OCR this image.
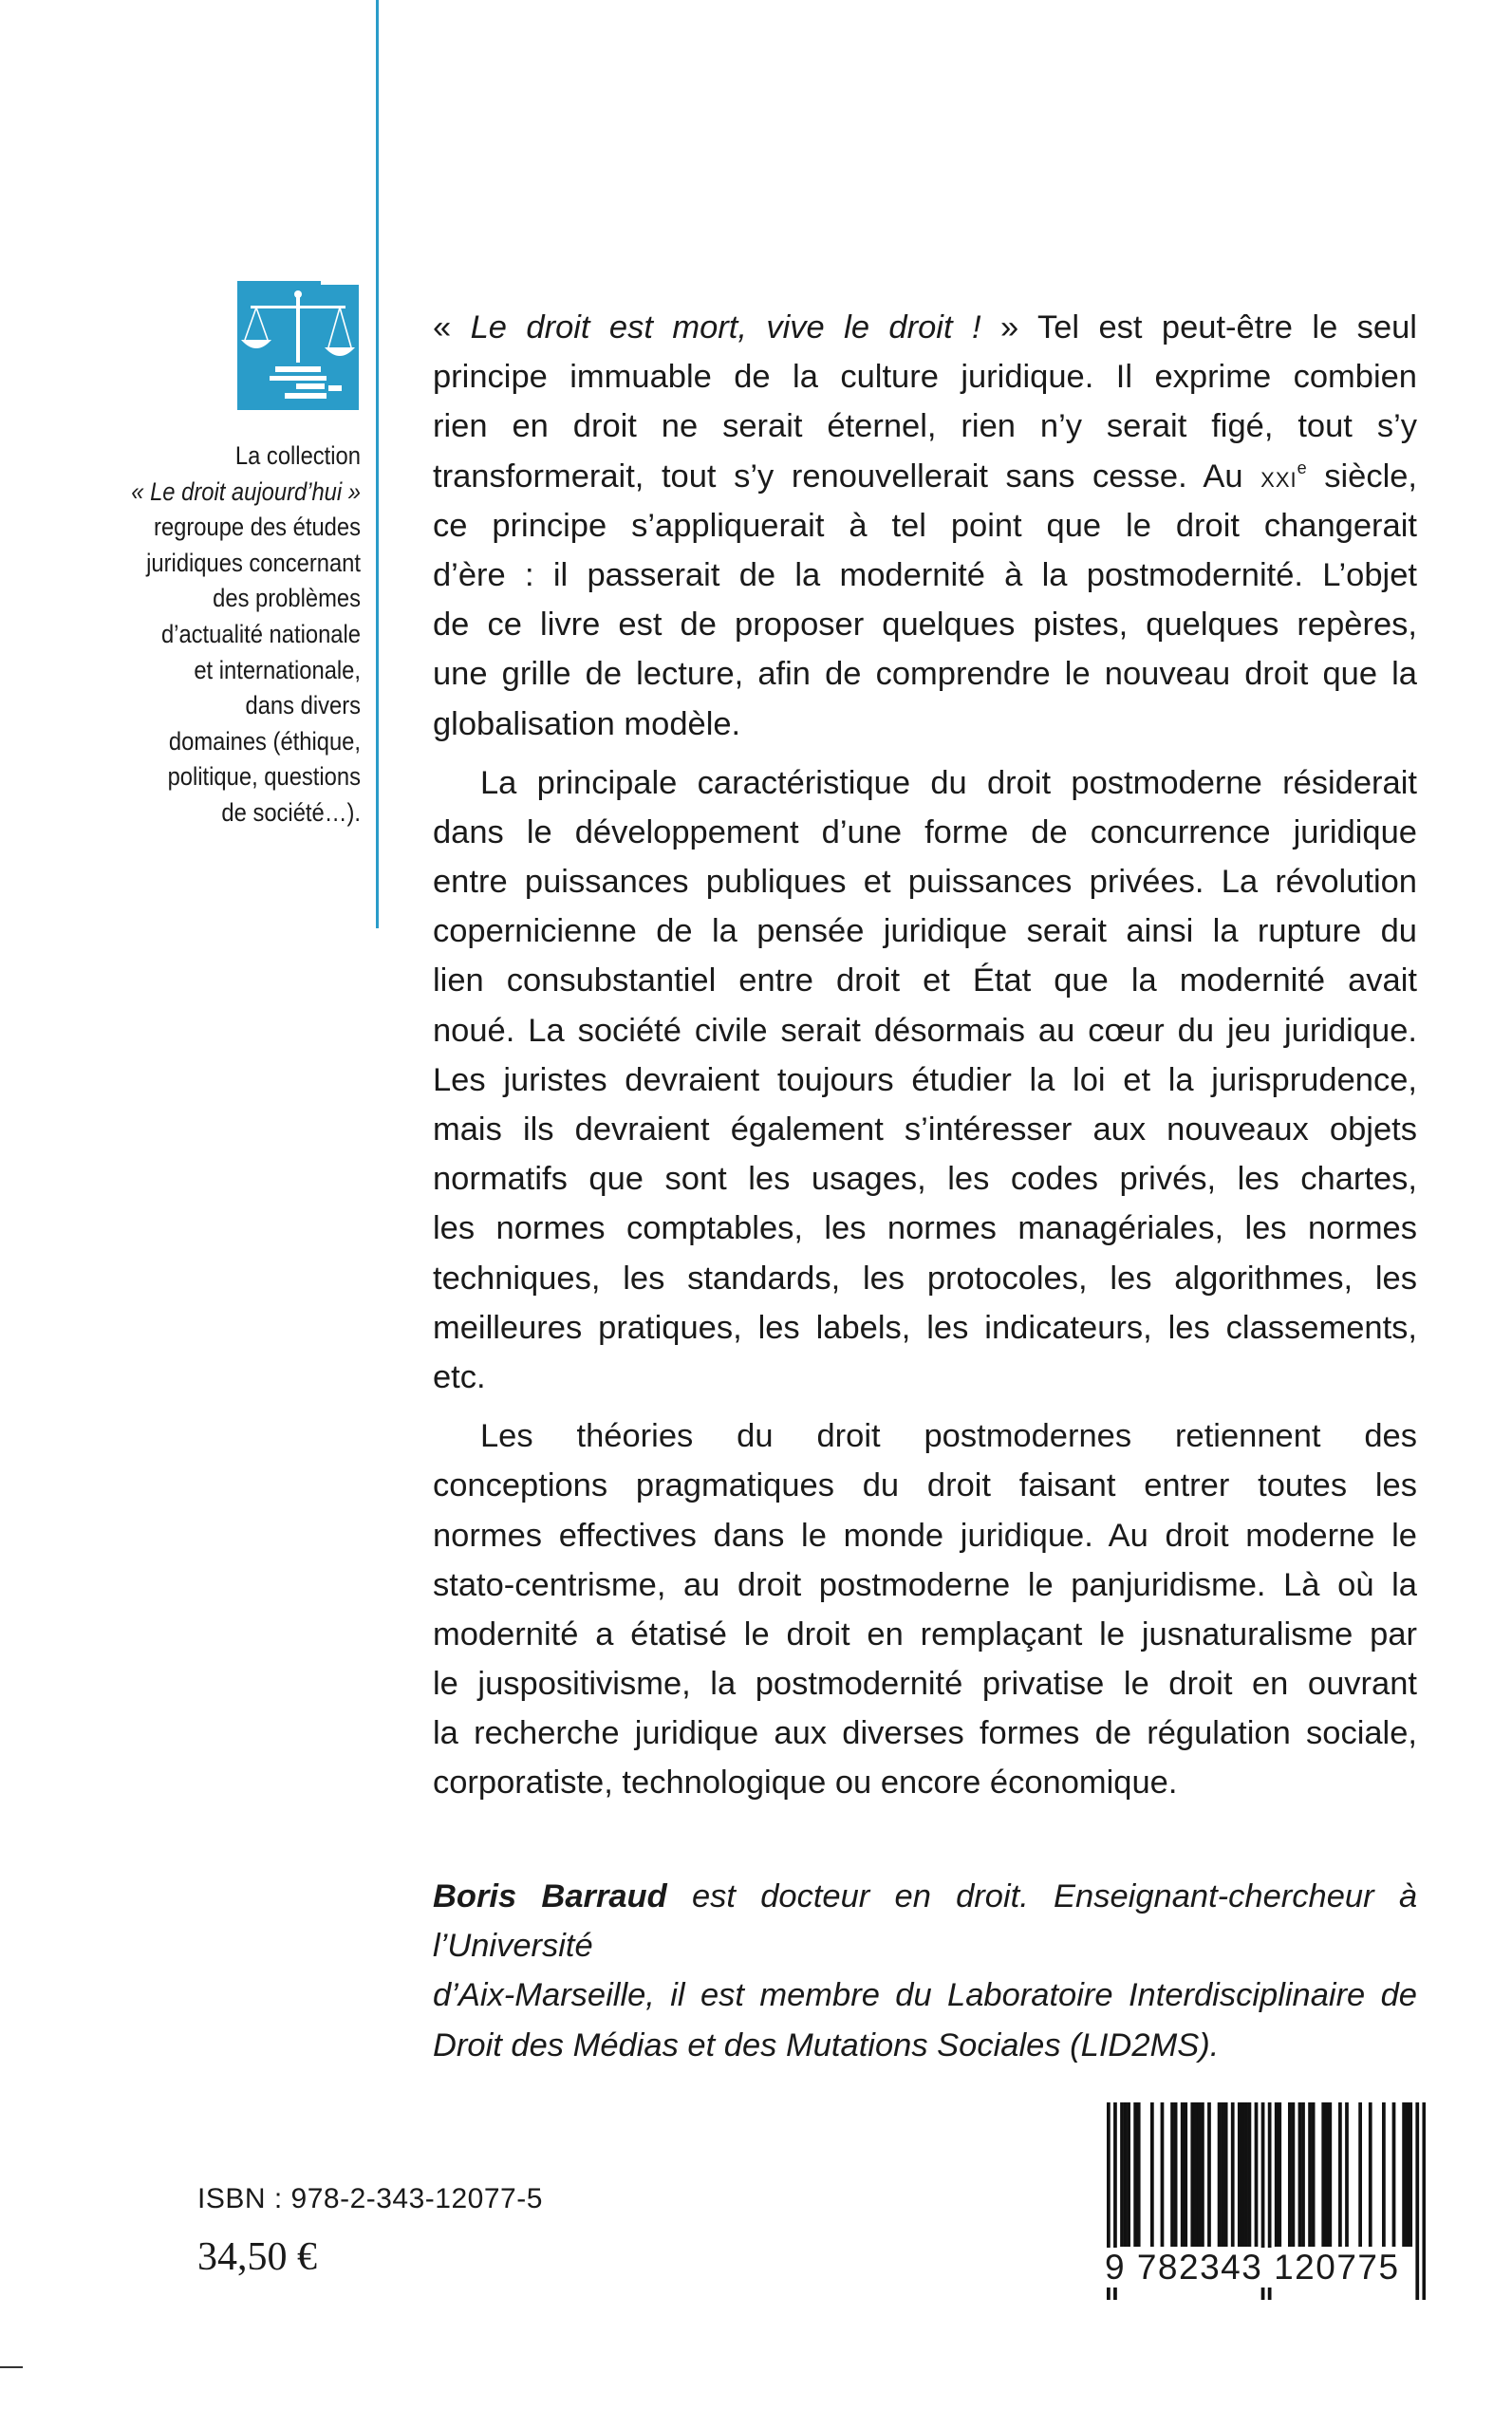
La collection
« Le droit aujourd’hui »
regroupe des études
juridiques concernant
des problèmes
d’actualité nationale
et internationale,
dans divers
domaines (éthique,
politique, questions
de société…).
« Le droit est mort, vive le droit ! » Tel est peut-être le seul
principe immuable de la culture juridique. Il exprime combien
rien en droit ne serait éternel, rien n’y serait figé, tout s’y
transformerait, tout s’y renouvellerait sans cesse. Au XXIe siècle,
ce principe s’appliquerait à tel point que le droit changerait
d’ère : il passerait de la modernité à la postmodernité. L’objet
de ce livre est de proposer quelques pistes, quelques repères,
une grille de lecture, afin de comprendre le nouveau droit que la
globalisation modèle.
La principale caractéristique du droit postmoderne résiderait
dans le développement d’une forme de concurrence juridique
entre puissances publiques et puissances privées. La révolution
copernicienne de la pensée juridique serait ainsi la rupture du
lien consubstantiel entre droit et État que la modernité avait
noué. La société civile serait désormais au cœur du jeu juridique.
Les juristes devraient toujours étudier la loi et la jurisprudence,
mais ils devraient également s’intéresser aux nouveaux objets
normatifs que sont les usages, les codes privés, les chartes,
les normes comptables, les normes managériales, les normes
techniques, les standards, les protocoles, les algorithmes, les
meilleures pratiques, les labels, les indicateurs, les classements,
etc.
Les théories du droit postmodernes retiennent des
conceptions pragmatiques du droit faisant entrer toutes les
normes effectives dans le monde juridique. Au droit moderne le
stato-centrisme, au droit postmoderne le panjuridisme. Là où la
modernité a étatisé le droit en remplaçant le jusnaturalisme par
le juspositivisme, la postmodernité privatise le droit en ouvrant
la recherche juridique aux diverses formes de régulation sociale,
corporatiste, technologique ou encore économique.
Boris Barraud est docteur en droit. Enseignant-chercheur à l’Université
d’Aix-Marseille, il est membre du Laboratoire Interdisciplinaire de
Droit des Médias et des Mutations Sociales (LID2MS).
ISBN : 978-2-343-12077-5
34,50 €	9 782343 120775
